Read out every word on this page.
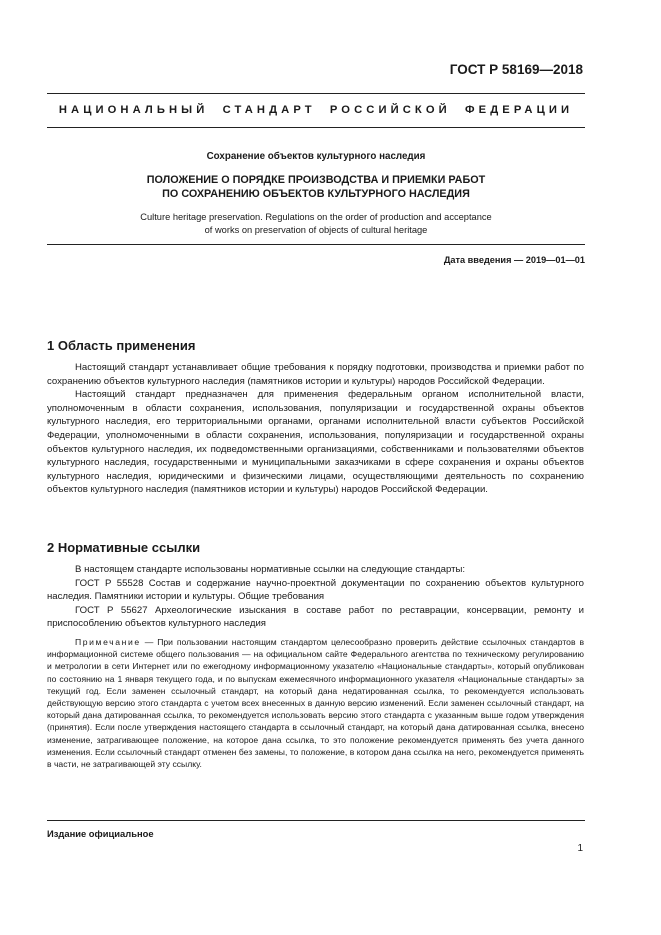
ГОСТ Р 58169—2018
НАЦИОНАЛЬНЫЙ СТАНДАРТ РОССИЙСКОЙ ФЕДЕРАЦИИ
Сохранение объектов культурного наследия
ПОЛОЖЕНИЕ О ПОРЯДКЕ ПРОИЗВОДСТВА И ПРИЕМКИ РАБОТ
ПО СОХРАНЕНИЮ ОБЪЕКТОВ КУЛЬТУРНОГО НАСЛЕДИЯ
Culture heritage preservation. Regulations on the order of production and acceptance
of works on preservation of objects of cultural heritage
Дата введения — 2019—01—01
1 Область применения

Настоящий стандарт устанавливает общие требования к порядку подготовки, производства и приемки работ по сохранению объектов культурного наследия (памятников истории и культуры) народов Российской Федерации.

Настоящий стандарт предназначен для применения федеральным органом исполнительной власти, уполномоченным в области сохранения, использования, популяризации и государственной охраны объектов культурного наследия, его территориальными органами, органами исполнительной власти субъектов Российской Федерации, уполномоченными в области сохранения, использования, популяризации и государственной охраны объектов культурного наследия, их подведомственными организациями, собственниками и пользователями объектов культурного наследия, государственными и муниципальными заказчиками в сфере сохранения и охраны объектов культурного наследия, юридическими и физическими лицами, осуществляющими деятельность по сохранению объектов культурного наследия (памятников истории и культуры) народов Российской Федерации.

2 Нормативные ссылки

В настоящем стандарте использованы нормативные ссылки на следующие стандарты:

ГОСТ Р 55528 Состав и содержание научно-проектной документации по сохранению объектов культурного наследия. Памятники истории и культуры. Общие требования

ГОСТ Р 55627 Археологические изыскания в составе работ по реставрации, консервации, ремонту и приспособлению объектов культурного наследия

Примечание — При пользовании настоящим стандартом целесообразно проверить действие ссылочных стандартов в информационной системе общего пользования — на официальном сайте Федерального агентства по техническому регулированию и метрологии в сети Интернет или по ежегодному информационному указателю «Национальные стандарты», который опубликован по состоянию на 1 января текущего года, и по выпускам ежемесячного информационного указателя «Национальные стандарты» за текущий год. Если заменен ссылочный стандарт, на который дана недатированная ссылка, то рекомендуется использовать действующую версию этого стандарта с учетом всех внесенных в данную версию изменений. Если заменен ссылочный стандарт, на который дана датированная ссылка, то рекомендуется использовать версию этого стандарта с указанным выше годом утверждения (принятия). Если после утверждения настоящего стандарта в ссылочный стандарт, на который дана датированная ссылка, внесено изменение, затрагивающее положение, на которое дана ссылка, то это положение рекомендуется применять без учета данного изменения. Если ссылочный стандарт отменен без замены, то положение, в котором дана ссылка на него, рекомендуется применять в части, не затрагивающей эту ссылку.

Издание официальное
1
